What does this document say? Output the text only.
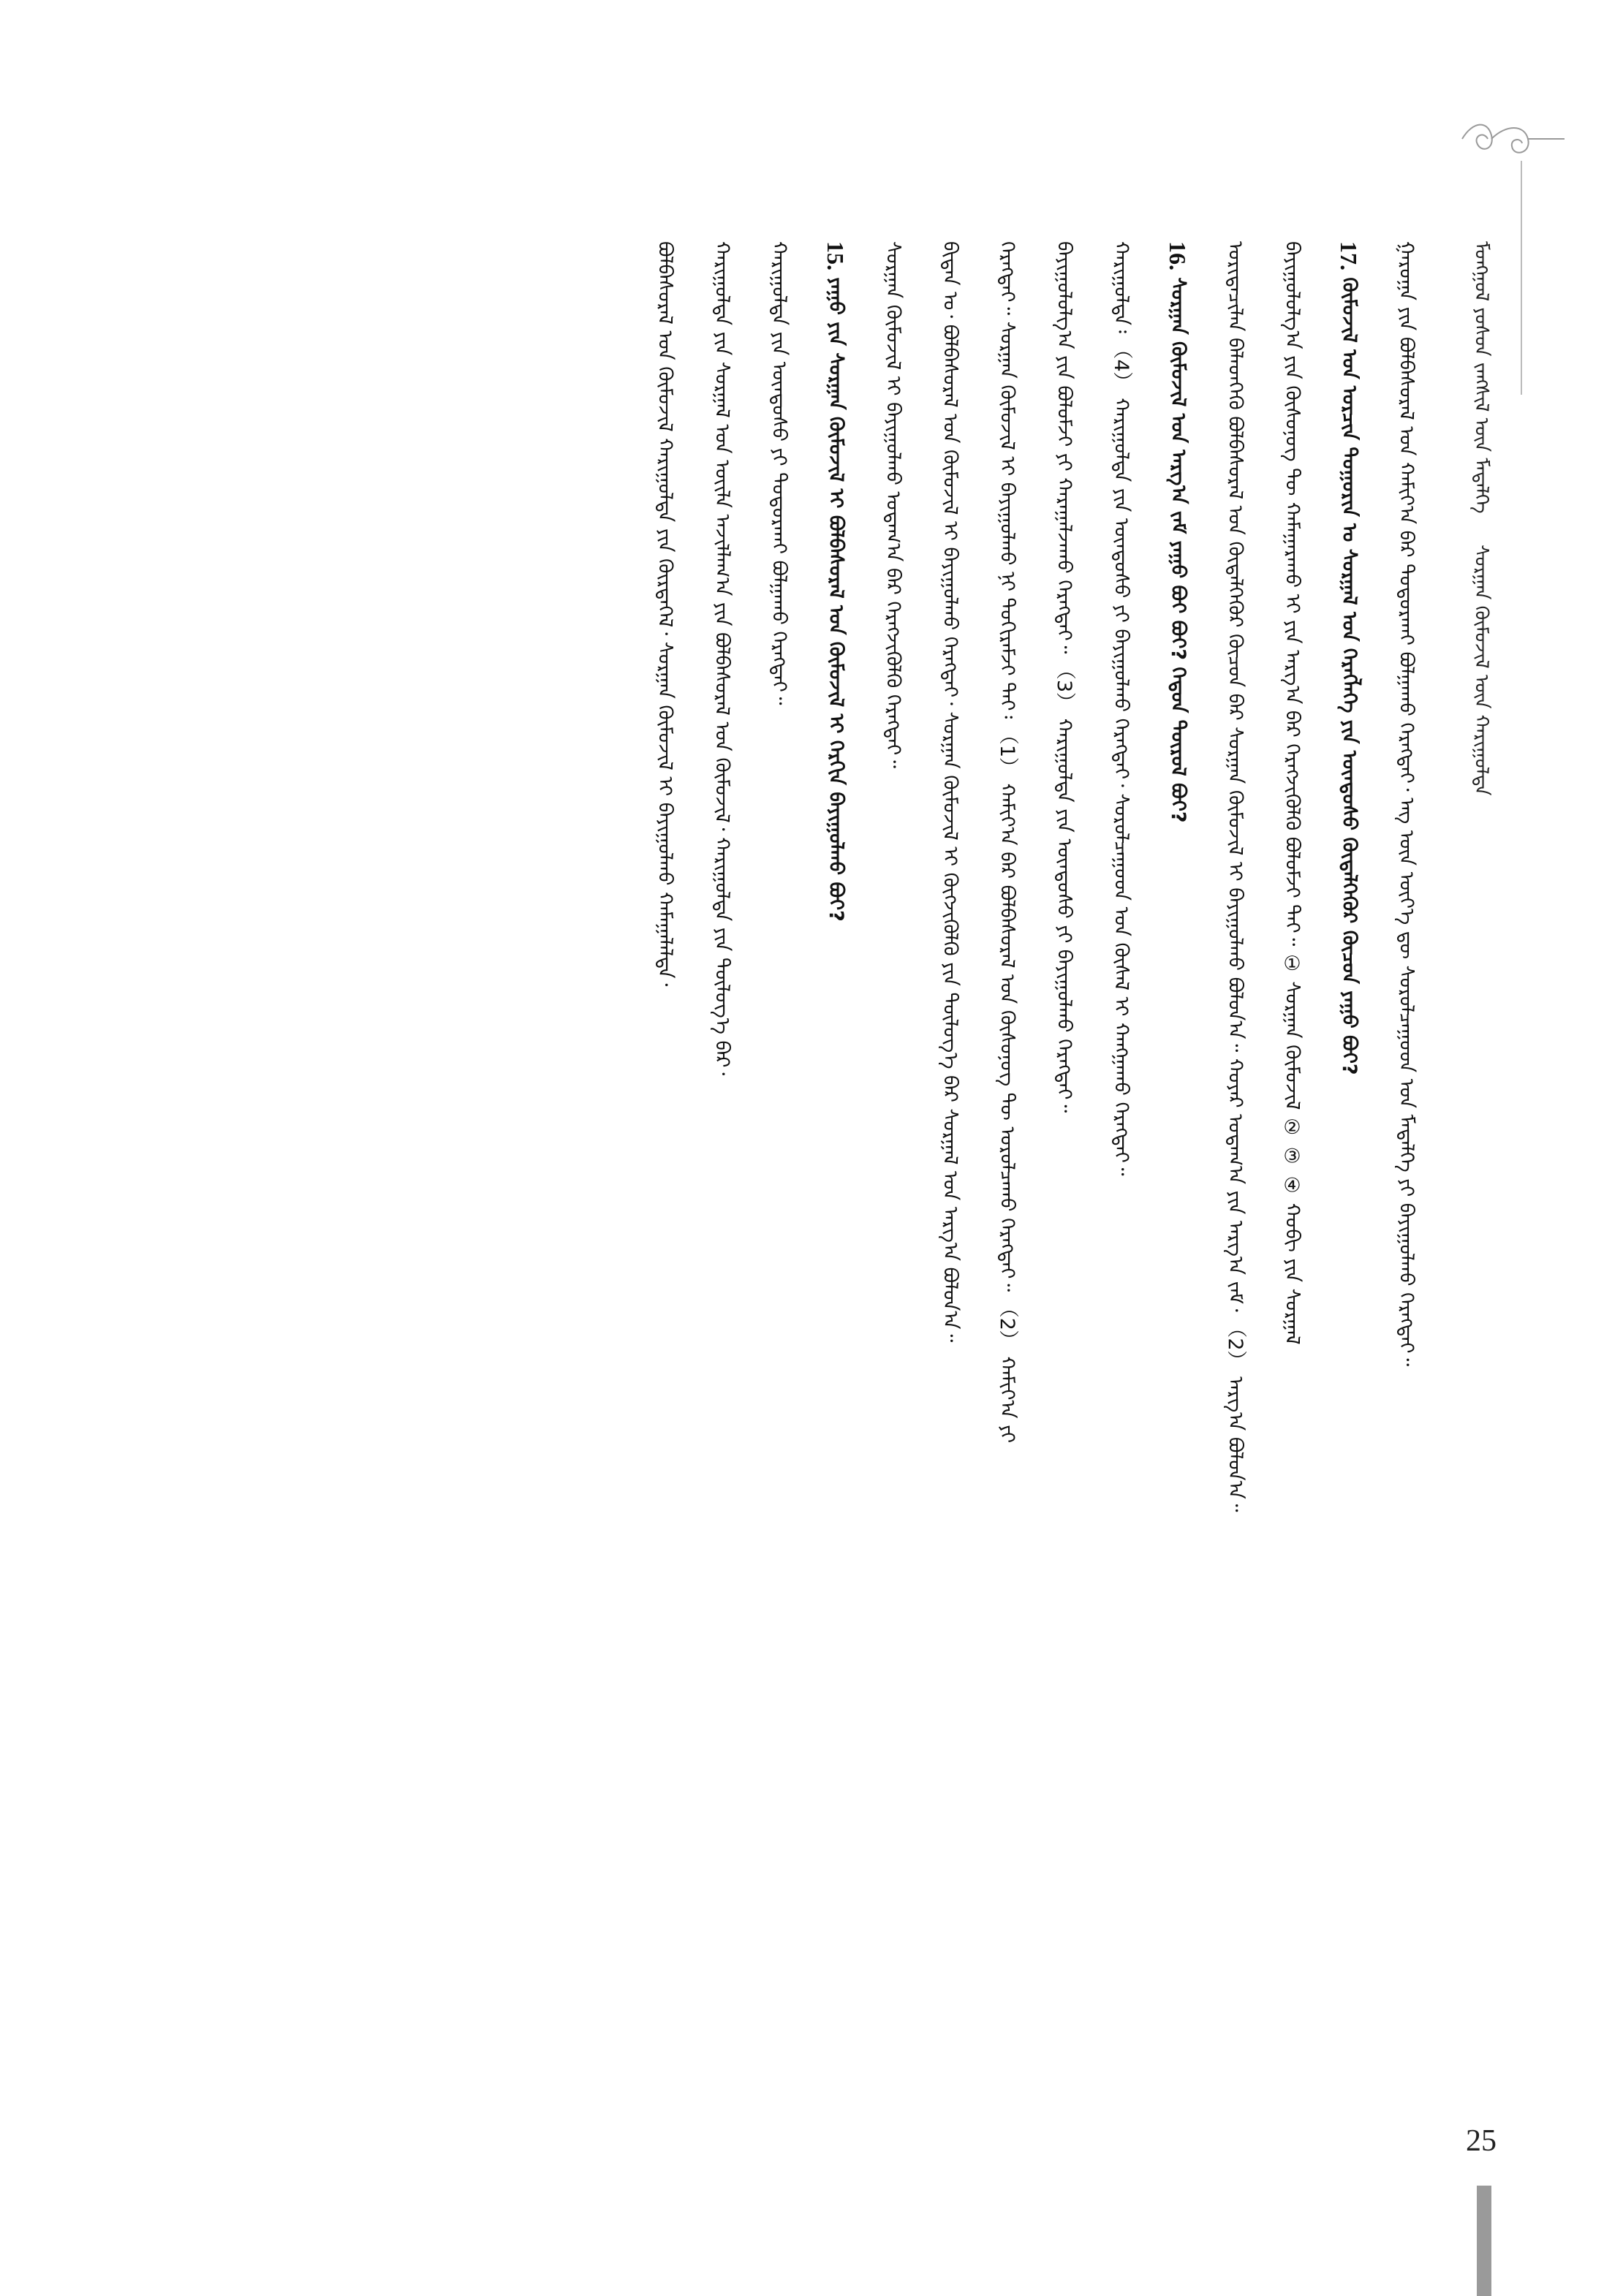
ᠮᠣᠩᠭᠣᠯ ᠶᠣᠰᠣᠨ ᠵᠠᠩᠱᠢᠯ ᠦᠨ ᠮᠡᠳᠡᠯᠭᠡ   ᠰᠤᠷᠭᠠᠨ ᠬᠦᠮᠦᠵᠢᠯ ᠦᠨ ᠬᠠᠷᠢᠭᠤᠯᠲᠠ
ᠭᠠᠷᠤᠭᠠ ᠶᠢᠨ ᠪᠣᠯᠪᠠᠰᠤᠷᠠᠯ ᠤᠨ ᠬᠠᠮᠢᠶ᠎ᠠ ᠪᠠᠷ ᠲᠣᠳᠣᠷᠬᠠᠶ ᠪᠣᠯᠭᠠᠬᠤ ᠬᠡᠷᠡᠭᠲᠡᠢ᠂ ᠡᠩ ᠦᠨ ᠦᠶ᠎ᠡ ᠳᠦ ᠰᠤᠷᠤᠯᠴᠠᠭᠤᠳ ᠤᠨ ᠮᠡᠳᠡᠯᠭᠡ ᠶᠢ ᠪᠠᠶᠢᠭᠤᠯᠬᠤ ᠬᠡᠷᠡᠭᠲᠡᠢ᠃
17. ᠬᠦᠮᠦᠵᠢᠯ ᠤᠨ ᠣᠷᠴᠢᠨ ᠲᠣᠭᠣᠷᠢᠨ ᠤ ᠰᠤᠷᠭᠠᠯ ᠤᠨ ᠬᠡᠷᠡᠭᠯᠡᠭᠡ ᠶᠢᠨ ᠦᠨᠳᠦᠰᠦ ᠬᠦᠳᠡᠯᠭᠡᠭᠦᠷ ᠬᠦᠴᠦᠨ ᠶᠠᠭᠤ ᠪᠤᠢ?
ᠪᠠᠶᠢᠭᠤᠯᠤᠯᠭ᠎ᠠ ᠶᠢᠨ ᠬᠦᠰᠦᠨᠦᠭ ᠲᠦ ᠬᠠᠮᠠᠭᠠᠷᠠᠬᠤ ᠡᠶ ᠶᠢᠨ ᠠᠷᠭ᠎ᠠ ᠪᠠᠷ ᠬᠡᠷᠡᠭᠵᠢᠭᠦᠯᠬᠦ ᠪᠣᠯᠤᠮᠵᠢ ᠲᠠᠢ᠃ ① ᠰᠤᠷᠭᠠᠨ ᠬᠦᠮᠦᠵᠢᠯ ② ③ ④ ᠬᠤᠪᠢ ᠶᠢᠨ ᠰᠤᠷᠭᠠᠯ
ᠤᠷᠢᠳᠠᠴᠢᠯᠠᠨ ᠪᠡᠯᠡᠳᠬᠡᠬᠦ ᠪᠣᠯᠪᠠᠰᠤᠷᠠᠯ ᠤᠨ ᠬᠦᠳᠡᠯᠭᠡᠭᠦᠷ ᠬᠦᠴᠦᠨ ᠪᠠᠷ ᠰᠤᠷᠭᠠᠨ ᠬᠦᠮᠦᠵᠢᠯ ᠢ ᠪᠠᠶᠢᠭᠤᠯᠬᠤ ᠪᠣᠯᠤᠨ᠎ᠠ᠃ ᠬᠣᠶᠠᠷ ᠤᠳᠠᠭ᠎ᠠ ᠶᠢᠨ ᠠᠷᠭ᠎ᠠ ᠵᠠᠮ᠂ （2） ᠠᠷᠭ᠎ᠠ ᠪᠣᠯᠤᠨ᠎ᠠ᠃
16. ᠰᠤᠷᠭᠠᠨ ᠬᠦᠮᠦᠵᠢᠯ ᠤᠨ ᠠᠷᠭ᠎ᠠ ᠵᠠᠮ ᠶᠠᠭᠤ ᠪᠤᠢ ᠪᠤᠢ? ᠬᠡᠳᠦᠨ ᠲᠥᠷᠥᠯ ᠪᠤᠢ?
ᠬᠠᠷᠢᠭᠤᠯᠲᠠ᠄ （4） ᠬᠠᠷᠢᠭᠤᠯᠲᠠ ᠶᠢᠨ ᠦᠨᠳᠦᠰᠦ ᠶᠢ ᠪᠠᠶᠢᠭᠤᠯᠬᠤ ᠬᠡᠷᠡᠭᠲᠡᠢ᠂ ᠰᠤᠷᠤᠯᠴᠠᠭᠤᠳ ᠤᠨ ᠬᠦᠰᠡᠯ ᠢ ᠬᠠᠩᠭᠠᠬᠤ ᠬᠡᠷᠡᠭᠲᠡᠢ᠃
ᠪᠠᠶᠢᠭᠤᠯᠤᠯᠭ᠎ᠠ ᠶᠢᠨ ᠪᠣᠯᠤᠮᠵᠢ ᠶᠢ ᠬᠠᠷᠠᠭᠠᠯᠵᠠᠬᠤ ᠬᠡᠷᠡᠭᠲᠡᠢ᠃ （3） ᠬᠠᠷᠢᠭᠤᠯᠲᠠ ᠶᠢᠨ ᠦᠨᠳᠦᠰᠦ ᠶᠢ ᠪᠠᠶᠢᠭᠤᠯᠬᠤ ᠬᠡᠷᠡᠭᠲᠡᠢ᠃
ᠬᠡᠷᠡᠭᠲᠡᠢ᠃ ᠰᠤᠷᠭᠠᠨ ᠬᠦᠮᠦᠵᠢᠯ ᠢ ᠪᠠᠶᠢᠭᠤᠯᠬᠤ ᠨᠢ ᠲᠣᠬᠢᠷᠠᠮᠵᠢ ᠲᠠᠢ᠄ （1） ᠬᠠᠮᠢᠶ᠎ᠠ ᠪᠠᠷ ᠪᠣᠯᠪᠠᠰᠤᠷᠠᠯ ᠤᠨ ᠬᠦᠰᠦᠨᠦᠭ ᠲᠦ ᠣᠷᠣᠯᠴᠠᠬᠤ ᠬᠡᠷᠡᠭᠲᠡᠢ᠃ （2） ᠬᠠᠮᠢᠶ᠎ᠠ ᠶᠢ
ᠪᠢᠳᠡᠨ ᠤ᠂ ᠪᠣᠯᠪᠠᠰᠤᠷᠠᠯ ᠤᠨ ᠬᠦᠮᠦᠵᠢᠯ ᠢ ᠪᠠᠶᠢᠭᠤᠯᠬᠤ ᠬᠡᠷᠡᠭᠲᠡᠢ᠂ ᠰᠤᠷᠭᠠᠨ ᠬᠦᠮᠦᠵᠢᠯ ᠢ ᠬᠦᠭᠵᠢᠭᠦᠯᠬᠦ ᠶᠢᠨ ᠲᠥᠯᠥᠭ᠎ᠡ ᠪᠠᠷ ᠰᠤᠷᠭᠠᠯ ᠤᠨ ᠠᠷᠭ᠎ᠠ ᠪᠣᠯᠤᠨ᠎ᠠ᠃
ᠰᠤᠷᠭᠠᠨ ᠬᠦᠮᠦᠵᠢᠯ ᠢ ᠪᠠᠶᠢᠭᠤᠯᠬᠤ ᠤᠳᠠᠭ᠎ᠠ ᠪᠠᠷ ᠬᠡᠷᠡᠭᠵᠢᠭᠦᠯᠬᠦ ᠬᠡᠷᠡᠭᠲᠡᠢ᠃
15. ᠶᠠᠭᠤ ᠶᠢᠨ ᠰᠤᠷᠭᠠᠨ ᠬᠦᠮᠦᠵᠢᠯ ᠢ ᠪᠣᠯᠪᠠᠰᠤᠷᠠᠯ ᠤᠨ ᠬᠦᠮᠦᠵᠢᠯ ᠢ ᠬᠡᠷᠬᠢᠨ ᠪᠠᠶᠢᠭᠤᠯᠬᠤ ᠪᠤᠢ?
ᠬᠠᠷᠢᠭᠤᠯᠲᠠ ᠶᠢᠨ ᠦᠨᠳᠦᠰᠦ ᠶᠢ ᠲᠣᠳᠣᠷᠬᠠᠶ ᠪᠣᠯᠭᠠᠬᠤ ᠬᠡᠷᠡᠭᠲᠡᠢ᠃
ᠬᠠᠷᠢᠭᠤᠯᠲᠠ ᠶᠢᠨ ᠰᠤᠷᠭᠠᠯ ᠤᠨ ᠦᠢᠯᠡ ᠠᠵᠢᠯᠯᠠᠭ᠎ᠠ ᠶᠢᠨ ᠪᠣᠯᠪᠠᠰᠤᠷᠠᠯ ᠤᠨ ᠬᠦᠮᠦᠵᠢᠯ᠂ ᠬᠠᠷᠢᠭᠤᠯᠲᠠ ᠶᠢᠨ ᠲᠥᠯᠥᠭ᠎ᠡ ᠪᠠᠷ᠂
ᠪᠣᠯᠪᠠᠰᠤᠷᠠᠯ ᠤᠨ ᠬᠦᠮᠦᠵᠢᠯ ᠬᠠᠷᠢᠭᠤᠯᠲᠠ ᠶᠢᠨ ᠬᠦᠷᠲᠡᠭᠡᠯ᠂ ᠰᠤᠷᠭᠠᠨ ᠬᠦᠮᠦᠵᠢᠯ ᠢ ᠪᠠᠶᠢᠭᠤᠯᠬᠤ ᠬᠠᠮᠠᠭᠠᠯᠠᠯᠲᠠ᠂
25
